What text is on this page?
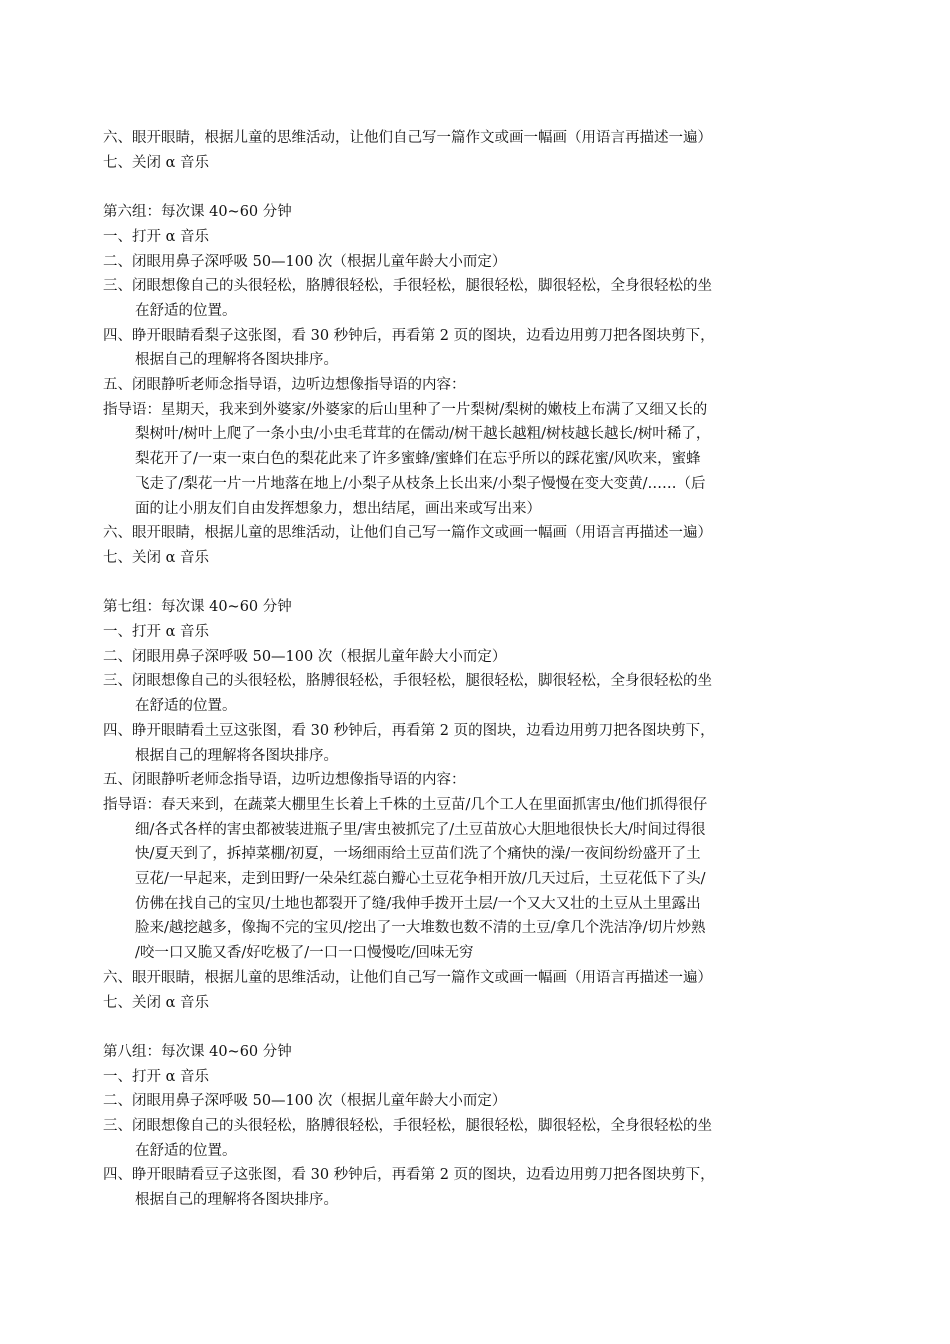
六、眼开眼睛，根据儿童的思维活动，让他们自己写一篇作文或画一幅画（用语言再描述一遍）

七、关闭 α 音乐

第六组：每次课 40~60 分钟

一、打开 α 音乐

二、闭眼用鼻子深呼吸 50—100 次（根据儿童年龄大小而定）

三、闭眼想像自己的头很轻松，胳膊很轻松，手很轻松，腿很轻松，脚很轻松，全身很轻松的坐

在舒适的位置。

四、睁开眼睛看梨子这张图，看 30 秒钟后，再看第 2 页的图块，边看边用剪刀把各图块剪下，

根据自己的理解将各图块排序。

五、闭眼静听老师念指导语，边听边想像指导语的内容：

指导语：星期天，我来到外婆家/外婆家的后山里种了一片梨树/梨树的嫩枝上布满了又细又长的

梨树叶/树叶上爬了一条小虫/小虫毛茸茸的在儒动/树干越长越粗/树枝越长越长/树叶稀了，

梨花开了/一束一束白色的梨花此来了许多蜜蜂/蜜蜂们在忘乎所以的踩花蜜/风吹来，蜜蜂

飞走了/梨花一片一片地落在地上/小梨子从枝条上长出来/小梨子慢慢在变大变黄/……（后

面的让小朋友们自由发挥想象力，想出结尾，画出来或写出来）

六、眼开眼睛，根据儿童的思维活动，让他们自己写一篇作文或画一幅画（用语言再描述一遍）

七、关闭 α 音乐

第七组：每次课 40~60 分钟

一、打开 α 音乐

二、闭眼用鼻子深呼吸 50—100 次（根据儿童年龄大小而定）

三、闭眼想像自己的头很轻松，胳膊很轻松，手很轻松，腿很轻松，脚很轻松，全身很轻松的坐

在舒适的位置。

四、睁开眼睛看土豆这张图，看 30 秒钟后，再看第 2 页的图块，边看边用剪刀把各图块剪下，

根据自己的理解将各图块排序。

五、闭眼静听老师念指导语，边听边想像指导语的内容：

指导语：春天来到，在蔬菜大棚里生长着上千株的土豆苗/几个工人在里面抓害虫/他们抓得很仔

细/各式各样的害虫都被装进瓶子里/害虫被抓完了/土豆苗放心大胆地很快长大/时间过得很

快/夏天到了，拆掉菜棚/初夏，一场细雨给土豆苗们洗了个痛快的澡/一夜间纷纷盛开了土

豆花/一早起来，走到田野/一朵朵红蕊白瓣心土豆花争相开放/几天过后，土豆花低下了头/

仿佛在找自己的宝贝/土地也都裂开了缝/我伸手拨开土层/一个又大又壮的土豆从土里露出

脸来/越挖越多，像掏不完的宝贝/挖出了一大堆数也数不清的土豆/拿几个洗洁净/切片炒熟

/咬一口又脆又香/好吃极了/一口一口慢慢吃/回味无穷

六、眼开眼睛，根据儿童的思维活动，让他们自己写一篇作文或画一幅画（用语言再描述一遍）

七、关闭 α 音乐

第八组：每次课 40~60 分钟

一、打开 α 音乐

二、闭眼用鼻子深呼吸 50—100 次（根据儿童年龄大小而定）

三、闭眼想像自己的头很轻松，胳膊很轻松，手很轻松，腿很轻松，脚很轻松，全身很轻松的坐

在舒适的位置。

四、睁开眼睛看豆子这张图，看 30 秒钟后，再看第 2 页的图块，边看边用剪刀把各图块剪下，

根据自己的理解将各图块排序。
